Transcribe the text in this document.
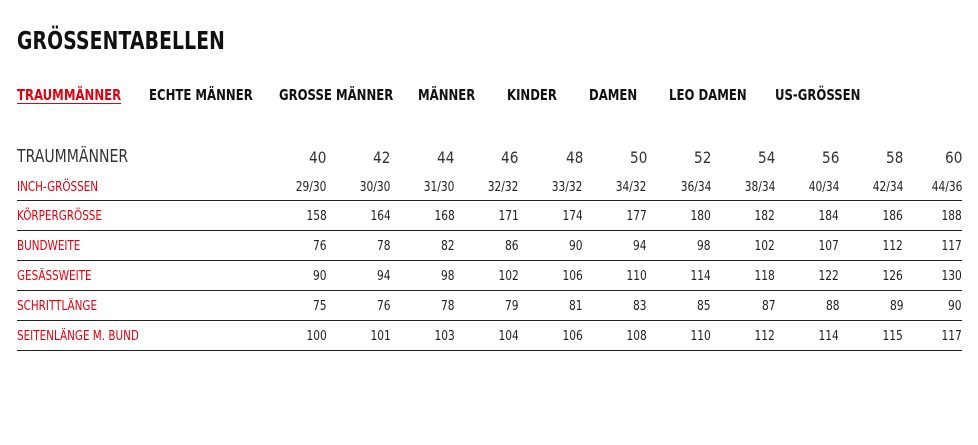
GRÖSSENTABELLEN
TRAUMMÄNNER ECHTE MÄNNER GROSSE MÄNNER MÄNNER KINDER DAMEN LEO DAMEN US-GRÖSSEN
TRAUMMÄNNER	40	42	44	46	48	50	52	54	56	58	60
INCH-GRÖSSEN	29/30	30/30	31/30	32/32	33/32	34/32	36/34	38/34	40/34	42/34	44/36
KÖRPERGRÖSSE	158	164	168	171	174	177	180	182	184	186	188
BUNDWEITE	76	78	82	86	90	94	98	102	107	112	117
GESÄSSWEITE	90	94	98	102	106	110	114	118	122	126	130
SCHRITTLÄNGE	75	76	78	79	81	83	85	87	88	89	90
SEITENLÄNGE M. BUND	100	101	103	104	106	108	110	112	114	115	117
